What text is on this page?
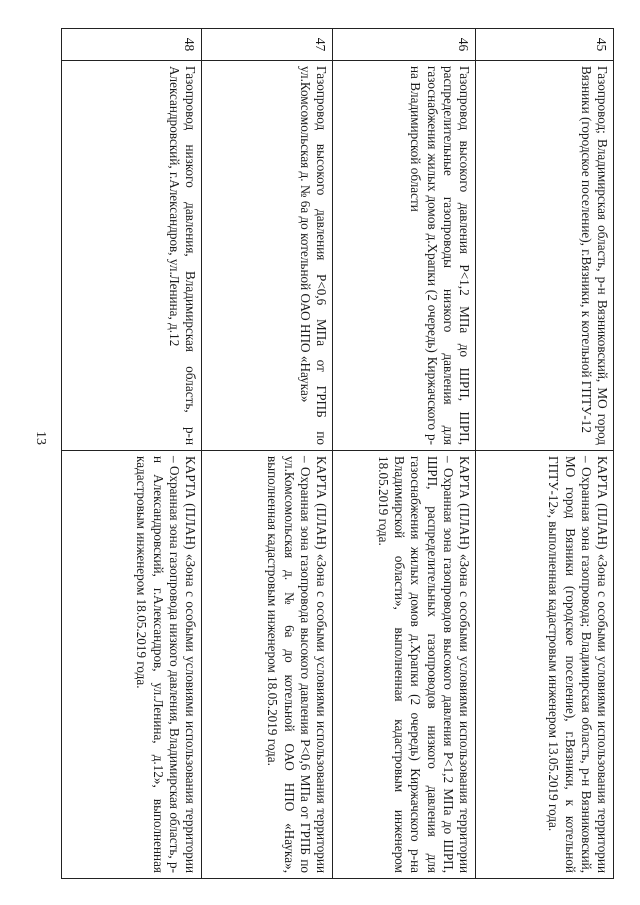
13
45	Газопровод; Владимирская область, р-н Вязниковский, МО город Вязники (городское поселение), г.Вязники, к котельной ГПТУ-12	КАРТА (ПЛАН) «Зона с особыми условиями использования территории – Охранная зона газопровода; Владимирская область, р-н Вязниковский, МО город Вязники (городское поселение), г.Вязники, к котельной ГПТУ-12», выполненная кадастровым инженером 13.05.2019 года.
46	Газопровод высокого давления Р<1,2 МПа до ШРП, ШРП, распределительные газопроводы низкого давления для газоснабжения жилых домов д.Храпки (2 очередь) Киржачского р-на Владимирской области	КАРТА (ПЛАН) «Зона с особыми условиями использования территории – Охранная зона газопроводов высокого давления Р<1,2 МПа до ШРП, ШРП, распределительных газопроводов низкого давления для газоснабжения жилых домов д.Храпки (2 очередь) Киржачского р-на Владимирской области», выполненная кадастровым инженером 18.05.2019 года.
47	Газопровод высокого давления Р<0,6 МПа от ГРПБ по ул.Комсомольская д. № 6а до котельной ОАО НПО «Наука»	КАРТА (ПЛАН) «Зона с особыми условиями использования территории – Охранная зона газопровода высокого давления Р<0,6 МПа от ГРПБ по ул.Комсомольская д. № 6а до котельной ОАО НПО «Наука», выполненная кадастровым инженером 18.05.2019 года.
48	Газопровод низкого давления, Владимирская область, р-н Александровский, г.Александров, ул.Ленина, д.12	КАРТА (ПЛАН) «Зона с особыми условиями использования территории – Охранная зона газопровода низкого давления, Владимирская область, р-н Александровский, г.Александров, ул.Ленина, д.12», выполненная кадастровым инженером 18.05.2019 года.
